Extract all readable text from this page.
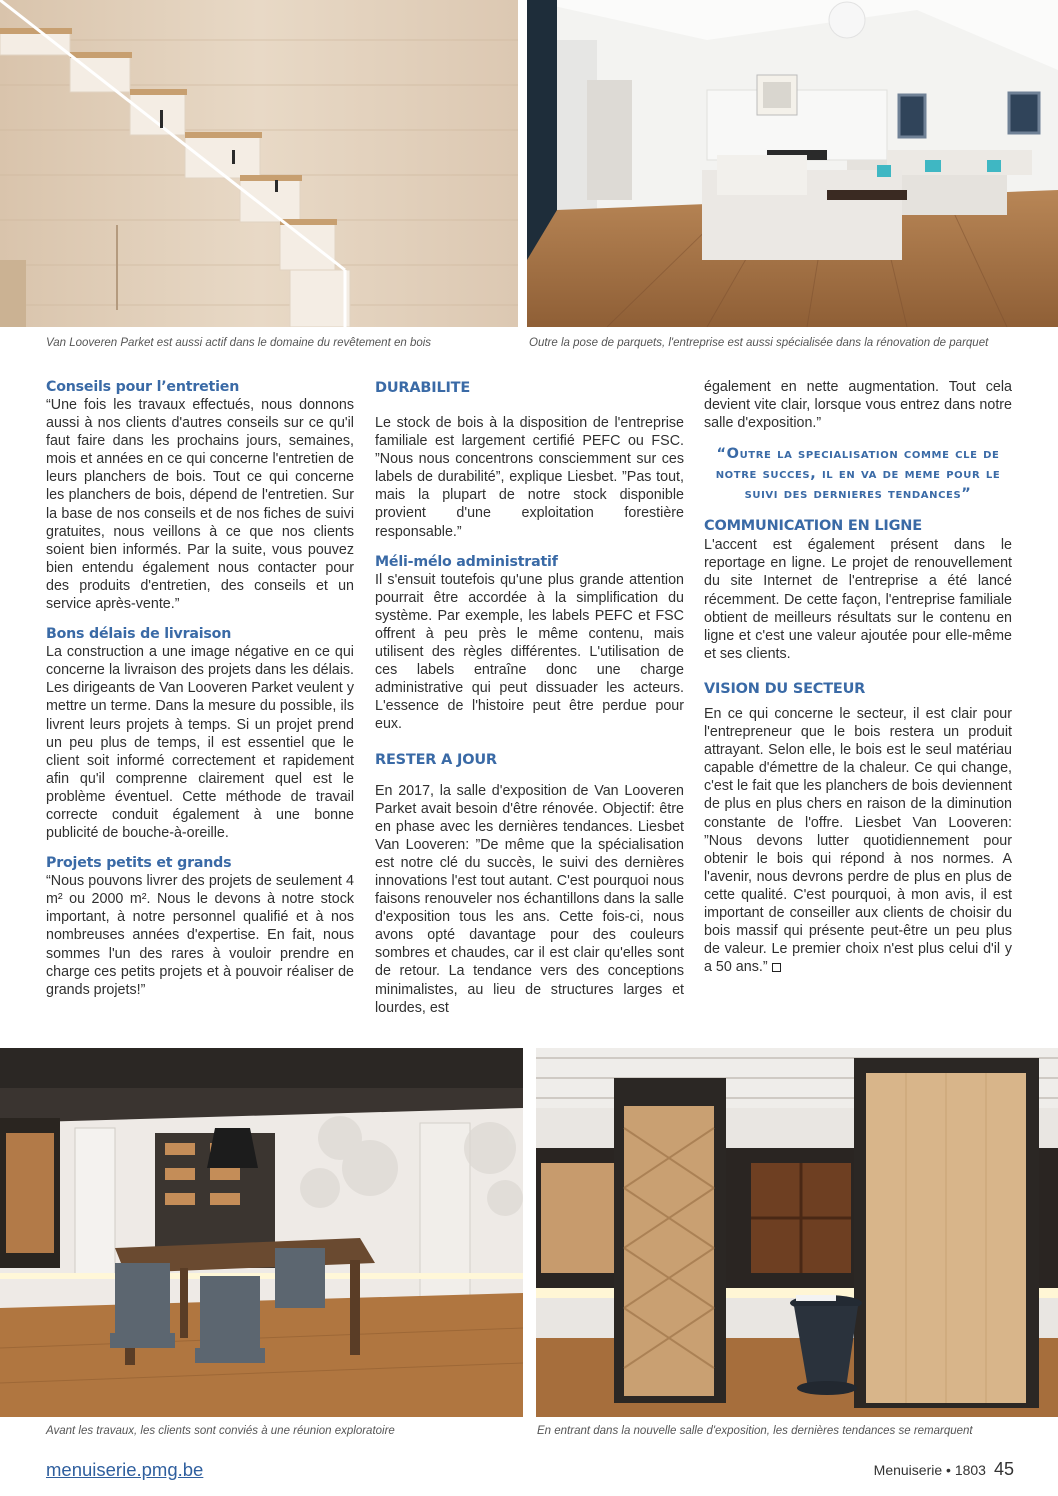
Van Looveren Parket est aussi actif dans le domaine du revêtement en bois	Outre la pose de parquets, l'entreprise est aussi spécialisée dans la rénovation de parquet
Conseils pour l’entretien

“Une fois les travaux effectués, nous donnons aussi à nos clients d'autres conseils sur ce qu'il faut faire dans les prochains jours, semaines, mois et années en ce qui concerne l'entretien de leurs planchers de bois. Tout ce qui concerne les planchers de bois, dépend de l'entretien. Sur la base de nos conseils et de nos fiches de suivi gratuites, nous veillons à ce que nos clients soient bien informés. Par la suite, vous pouvez bien entendu également nous contacter pour des produits d'entretien, des conseils et un service après-vente.”

Bons délais de livraison

La construction a une image négative en ce qui concerne la livraison des projets dans les délais. Les dirigeants de Van Looveren Parket veulent y mettre un terme. Dans la mesure du possible, ils livrent leurs projets à temps. Si un projet prend un peu plus de temps, il est essentiel que le client soit informé correctement et rapidement afin qu'il comprenne clairement quel est le problème éventuel. Cette méthode de travail correcte conduit également à une bonne publicité de bouche-à-oreille.

Projets petits et grands

“Nous pouvons livrer des projets de seulement 4 m² ou 2000 m². Nous le devons à notre stock important, à notre personnel qualifié et à nos nombreuses années d'expertise. En fait, nous sommes l'un des rares à vouloir prendre en charge ces petits projets et à pouvoir réaliser de grands projets!”

DURABILITE

Le stock de bois à la disposition de l'entreprise familiale est largement certifié PEFC ou FSC. ”Nous nous concentrons consciemment sur ces labels de durabilité”, explique Liesbet. ”Pas tout, mais la plupart de notre stock disponible provient d'une exploitation forestière responsable.”

Méli-mélo administratif

Il s'ensuit toutefois qu'une plus grande attention pourrait être accordée à la simplification du système. Par exemple, les labels PEFC et FSC offrent à peu près le même contenu, mais utilisent des règles différentes. L'utilisation de ces labels entraîne donc une charge administrative qui peut dissuader les acteurs. L'essence de l'histoire peut être perdue pour eux.

RESTER A JOUR

En 2017, la salle d'exposition de Van Looveren Parket avait besoin d'être rénovée. Objectif: être en phase avec les dernières tendances. Liesbet Van Looveren: ”De même que la spécialisation est notre clé du succès, le suivi des dernières innovations l'est tout autant. C'est pourquoi nous faisons renouveler nos échantillons dans la salle d'exposition tous les ans. Cette fois-ci, nous avons opté davantage pour des couleurs sombres et chaudes, car il est clair qu'elles sont de retour. La tendance vers des conceptions minimalistes, au lieu de structures larges et lourdes, est

également en nette augmentation. Tout cela devient vite clair, lorsque vous entrez dans notre salle d'exposition.”

“Outre la specialisation comme cle de notre succes, il en va de meme pour le suivi des dernieres tendances”
COMMUNICATION EN LIGNE

L'accent est également présent dans le reportage en ligne. Le projet de renouvellement du site Internet de l'entreprise a été lancé récemment. De cette façon, l'entreprise familiale obtient de meilleurs résultats sur le contenu en ligne et c'est une valeur ajoutée pour elle-même et ses clients.

VISION DU SECTEUR

En ce qui concerne le secteur, il est clair pour l'entrepreneur que le bois restera un produit attrayant. Selon elle, le bois est le seul matériau capable d'émettre de la chaleur. Ce qui change, c'est le fait que les planchers de bois deviennent de plus en plus chers en raison de la diminution constante de l'offre. Liesbet Van Looveren: ”Nous devons lutter quotidiennement pour obtenir le bois qui répond à nos normes. A l'avenir, nous devrons perdre de plus en plus de cette qualité. C'est pourquoi, à mon avis, il est important de conseiller aux clients de choisir du bois massif qui présente peut-être un peu plus de valeur. Le premier choix n'est plus celui d'il y a 50 ans.”

Avant les travaux, les clients sont conviés à une réunion exploratoire	En entrant dans la nouvelle salle d'exposition, les dernières tendances se remarquent
menuiserie.pmg.be	Menuiserie • 1803 45
